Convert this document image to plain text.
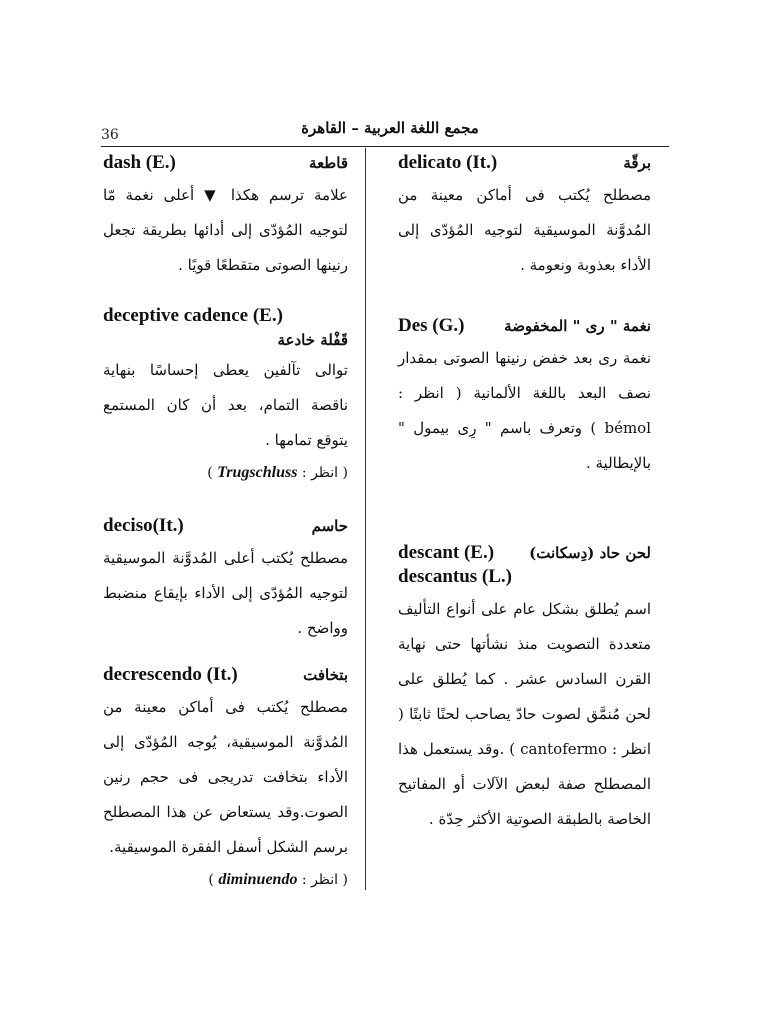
36	مجمع اللغة العربية – القاهرة
dash (E.)	قاطعة
علامة ترسم هكذا ▼ أعلى نغمة مّا لتوجيه المُؤدّى إلى أدائها بطريقة تجعل رنينها الصوتى متقطعًا قويًا .
deceptive cadence (E.)
قَفْلة خادعة
توالى تآلفين يعطى إحساسًا بنهاية ناقصة التمام، بعد أن كان المستمع يتوقع تمامها .
( انظر : Trugschluss )
deciso(It.)	حاسم
مصطلح يُكتب أعلى المُدوَّنة الموسيقية لتوجيه المُؤدّى إلى الأداء بإيقاع منضبط وواضح .
decrescendo (It.)	بتخافت
مصطلح يُكتب فى أماكن معينة من المُدوَّنة الموسيقية، يُوجه المُؤدّى إلى الأداء بتخافت تدريجى فى حجم رنين الصوت.وقد يستعاض عن هذا المصطلح برسم الشكل أسفل الفقرة الموسيقية.
( انظر : diminuendo )
delicato (It.)	برقّة
مصطلح يُكتب فى أماكن معينة من المُدوَّنة الموسيقية لتوجيه المُؤدّى إلى الأداء بعذوبة ونعومة .
Des (G.)	نغمة " رى " المخفوضة
نغمة رى بعد خفض رنينها الصوتى بمقدار نصف البعد باللغة الألمانية ( انظر : bémol ) وتعرف باسم " رِى بيمول " بالإيطالية .
descant (E.) لحن حاد (دِسكانت)
descantus (L.)
اسم يُطلق بشكل عام على أنواع التأليف متعددة التصويت منذ نشأتها حتى نهاية القرن السادس عشر . كما يُطلق على لحن مُنمَّق لصوت حادّ يصاحب لحنًا ثابتًا ( انظر : cantofermo ) .وقد يستعمل هذا المصطلح صفة لبعض الآلات أو المفاتيح الخاصة بالطبقة الصوتية الأكثر حِدّة .
